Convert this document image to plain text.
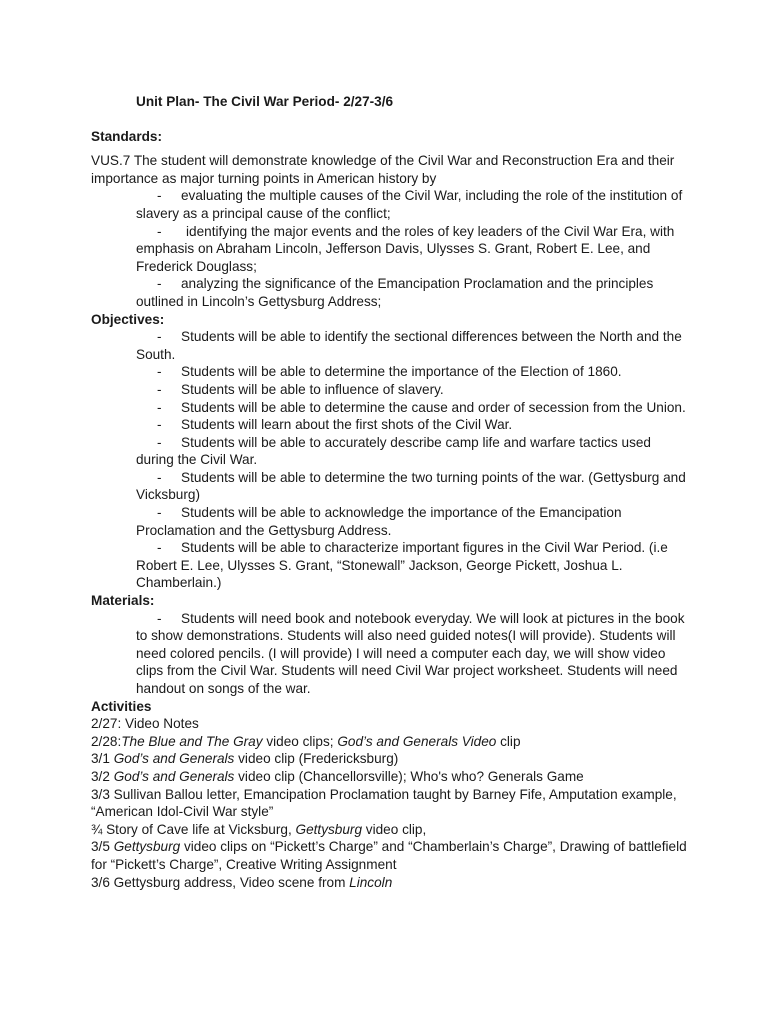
Unit Plan- The Civil War Period- 2/27-3/6
Standards:
VUS.7 The student will demonstrate knowledge of the Civil War and Reconstruction Era and their importance as major turning points in American history by
- evaluating the multiple causes of the Civil War, including the role of the institution of slavery as a principal cause of the conflict;
- identifying the major events and the roles of key leaders of the Civil War Era, with emphasis on Abraham Lincoln, Jefferson Davis, Ulysses S. Grant, Robert E. Lee, and Frederick Douglass;
- analyzing the significance of the Emancipation Proclamation and the principles outlined in Lincoln’s Gettysburg Address;
Objectives:
- Students will be able to identify the sectional differences between the North and the South.
- Students will be able to determine the importance of the Election of 1860.
- Students will be able to influence of slavery.
- Students will be able to determine the cause and order of secession from the Union.
- Students will learn about the first shots of the Civil War.
- Students will be able to accurately describe camp life and warfare tactics used during the Civil War.
- Students will be able to determine the two turning points of the war. (Gettysburg and Vicksburg)
- Students will be able to acknowledge the importance of the Emancipation Proclamation and the Gettysburg Address.
- Students will be able to characterize important figures in the Civil War Period. (i.e Robert E. Lee, Ulysses S. Grant, “Stonewall” Jackson, George Pickett, Joshua L. Chamberlain.)
Materials:
- Students will need book and notebook everyday. We will look at pictures in the book to show demonstrations. Students will also need guided notes(I will provide). Students will need colored pencils. (I will provide) I will need a computer each day, we will show video clips from the Civil War. Students will need Civil War project worksheet. Students will need handout on songs of the war.
Activities
2/27: Video Notes
2/28:The Blue and The Gray video clips; God’s and Generals Video clip
3/1 God’s and Generals video clip (Fredericksburg)
3/2 God’s and Generals video clip (Chancellorsville); Who's who? Generals Game
3/3 Sullivan Ballou letter, Emancipation Proclamation taught by Barney Fife, Amputation example, “American Idol-Civil War style”
¾ Story of Cave life at Vicksburg, Gettysburg video clip,
3/5 Gettysburg video clips on “Pickett’s Charge” and “Chamberlain’s Charge”, Drawing of battlefield for “Pickett’s Charge”, Creative Writing Assignment
3/6 Gettysburg address, Video scene from Lincoln
